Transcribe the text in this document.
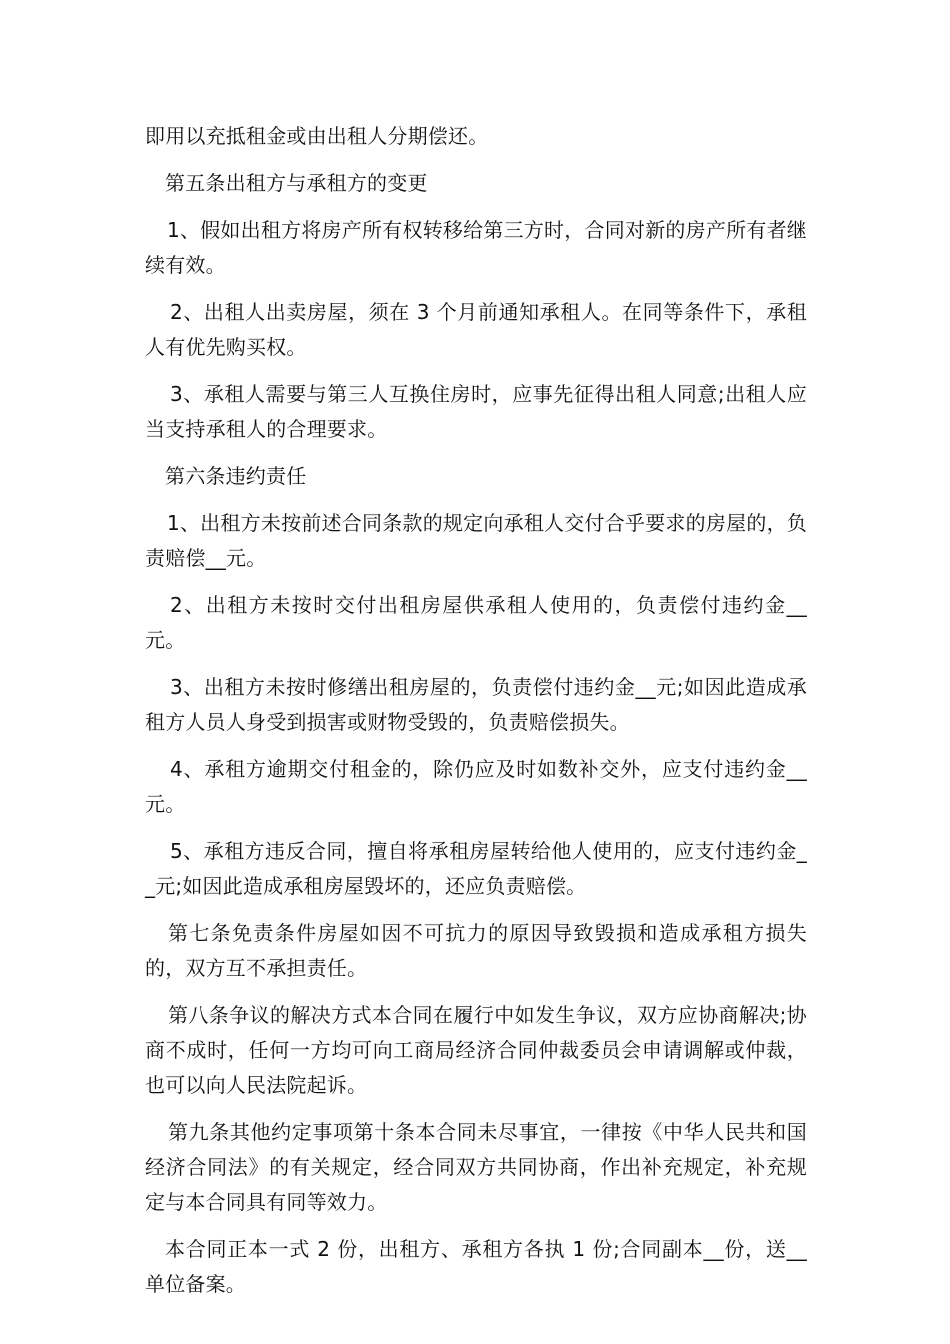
即用以充抵租金或由出租人分期偿还。

第五条出租方与承租方的变更

1、假如出租方将房产所有权转移给第三方时，合同对新的房产所有者继续有效。

2、出租人出卖房屋，须在 3 个月前通知承租人。在同等条件下，承租人有优先购买权。

3、承租人需要与第三人互换住房时，应事先征得出租人同意;出租人应当支持承租人的合理要求。

第六条违约责任

1、出租方未按前述合同条款的规定向承租人交付合乎要求的房屋的，负责赔偿__元。

2、出租方未按时交付出租房屋供承租人使用的，负责偿付违约金__元。

3、出租方未按时修缮出租房屋的，负责偿付违约金__元;如因此造成承租方人员人身受到损害或财物受毁的，负责赔偿损失。

4、承租方逾期交付租金的，除仍应及时如数补交外，应支付违约金__元。

5、承租方违反合同，擅自将承租房屋转给他人使用的，应支付违约金__元;如因此造成承租房屋毁坏的，还应负责赔偿。

第七条免责条件房屋如因不可抗力的原因导致毁损和造成承租方损失的，双方互不承担责任。

第八条争议的解决方式本合同在履行中如发生争议，双方应协商解决;协商不成时，任何一方均可向工商局经济合同仲裁委员会申请调解或仲裁，也可以向人民法院起诉。

第九条其他约定事项第十条本合同未尽事宜，一律按《中华人民共和国经济合同法》的有关规定，经合同双方共同协商，作出补充规定，补充规定与本合同具有同等效力。

本合同正本一式 2 份，出租方、承租方各执 1 份;合同副本__份，送__单位备案。
